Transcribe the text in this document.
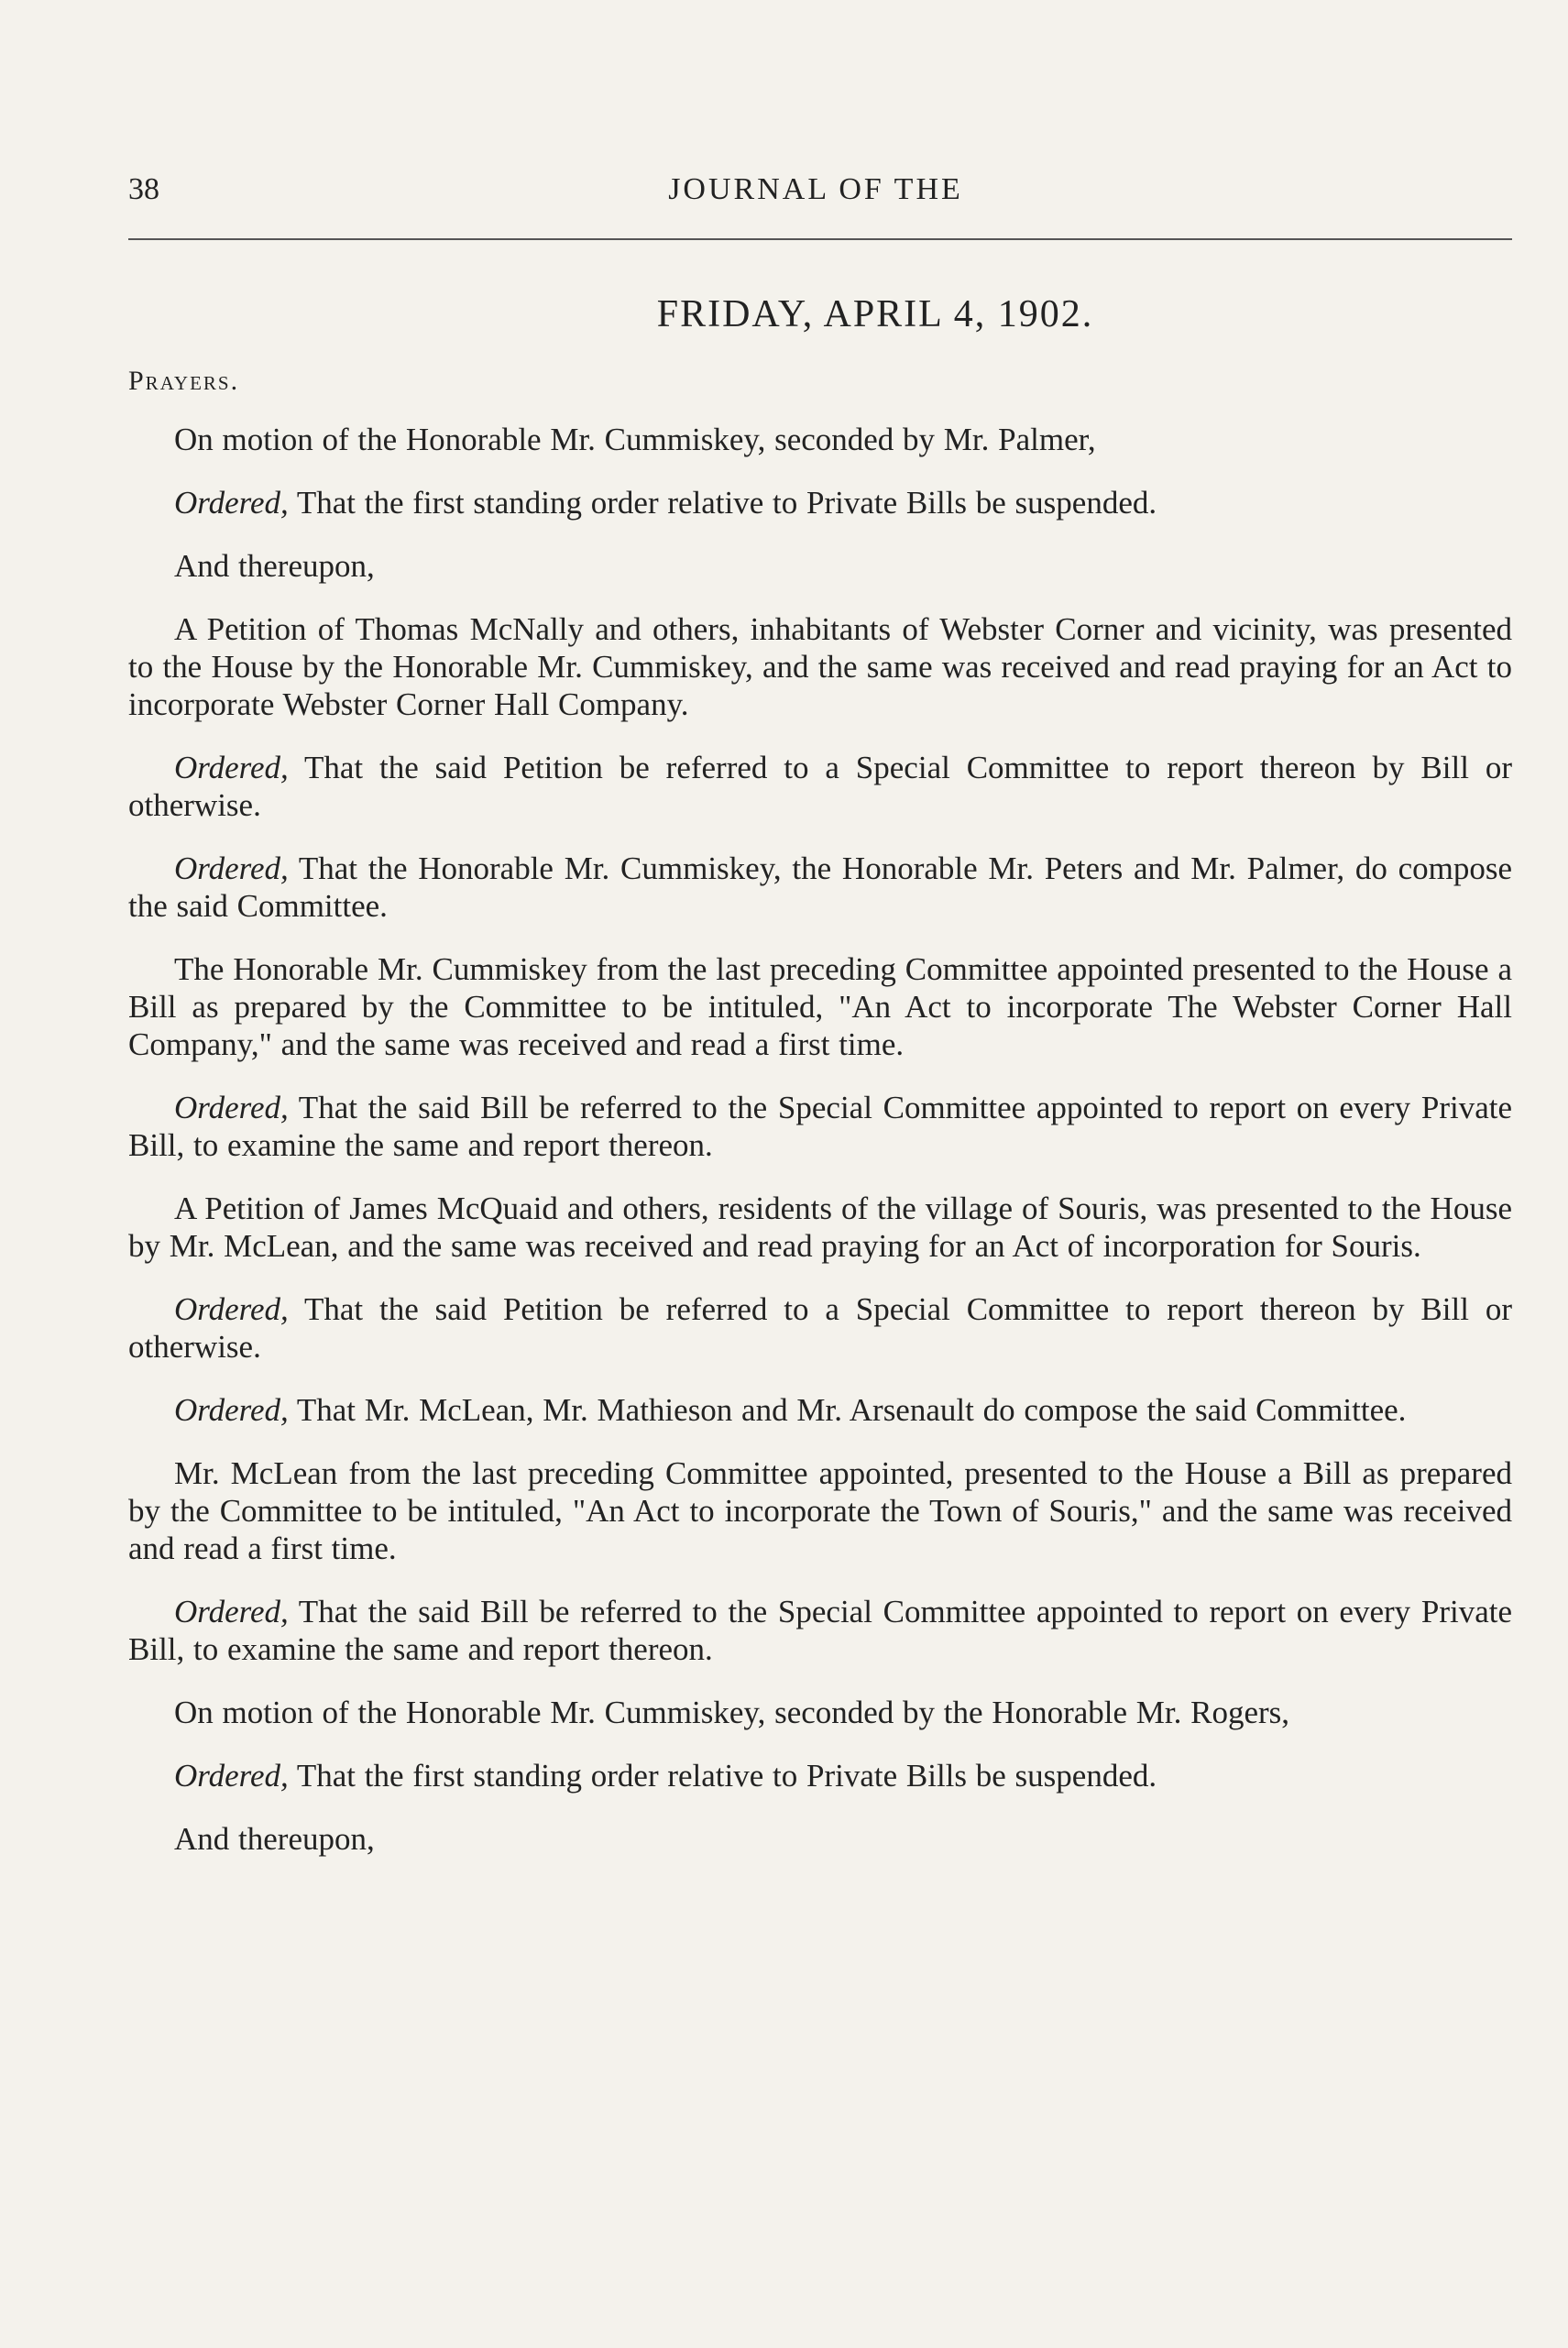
38	JOURNAL OF THE
FRIDAY, APRIL 4, 1902.
Prayers.

On motion of the Honorable Mr. Cummiskey, seconded by Mr. Palmer,

Ordered, That the first standing order relative to Private Bills be suspended.

And thereupon,

A Petition of Thomas McNally and others, inhabitants of Webster Corner and vicinity, was presented to the House by the Honorable Mr. Cummiskey, and the same was received and read praying for an Act to incorporate Webster Corner Hall Company.

Ordered, That the said Petition be referred to a Special Committee to report thereon by Bill or otherwise.

Ordered, That the Honorable Mr. Cummiskey, the Honorable Mr. Peters and Mr. Palmer, do compose the said Committee.

The Honorable Mr. Cummiskey from the last preceding Committee appointed presented to the House a Bill as prepared by the Committee to be intituled, "An Act to incorporate The Webster Corner Hall Company," and the same was received and read a first time.

Ordered, That the said Bill be referred to the Special Committee appointed to report on every Private Bill, to examine the same and report thereon.

A Petition of James McQuaid and others, residents of the village of Souris, was presented to the House by Mr. McLean, and the same was received and read praying for an Act of incorporation for Souris.

Ordered, That the said Petition be referred to a Special Committee to report thereon by Bill or otherwise.

Ordered, That Mr. McLean, Mr. Mathieson and Mr. Arsenault do compose the said Committee.

Mr. McLean from the last preceding Committee appointed, presented to the House a Bill as prepared by the Committee to be intituled, "An Act to incorporate the Town of Souris," and the same was received and read a first time.

Ordered, That the said Bill be referred to the Special Committee appointed to report on every Private Bill, to examine the same and report thereon.

On motion of the Honorable Mr. Cummiskey, seconded by the Honorable Mr. Rogers,

Ordered, That the first standing order relative to Private Bills be suspended.

And thereupon,
